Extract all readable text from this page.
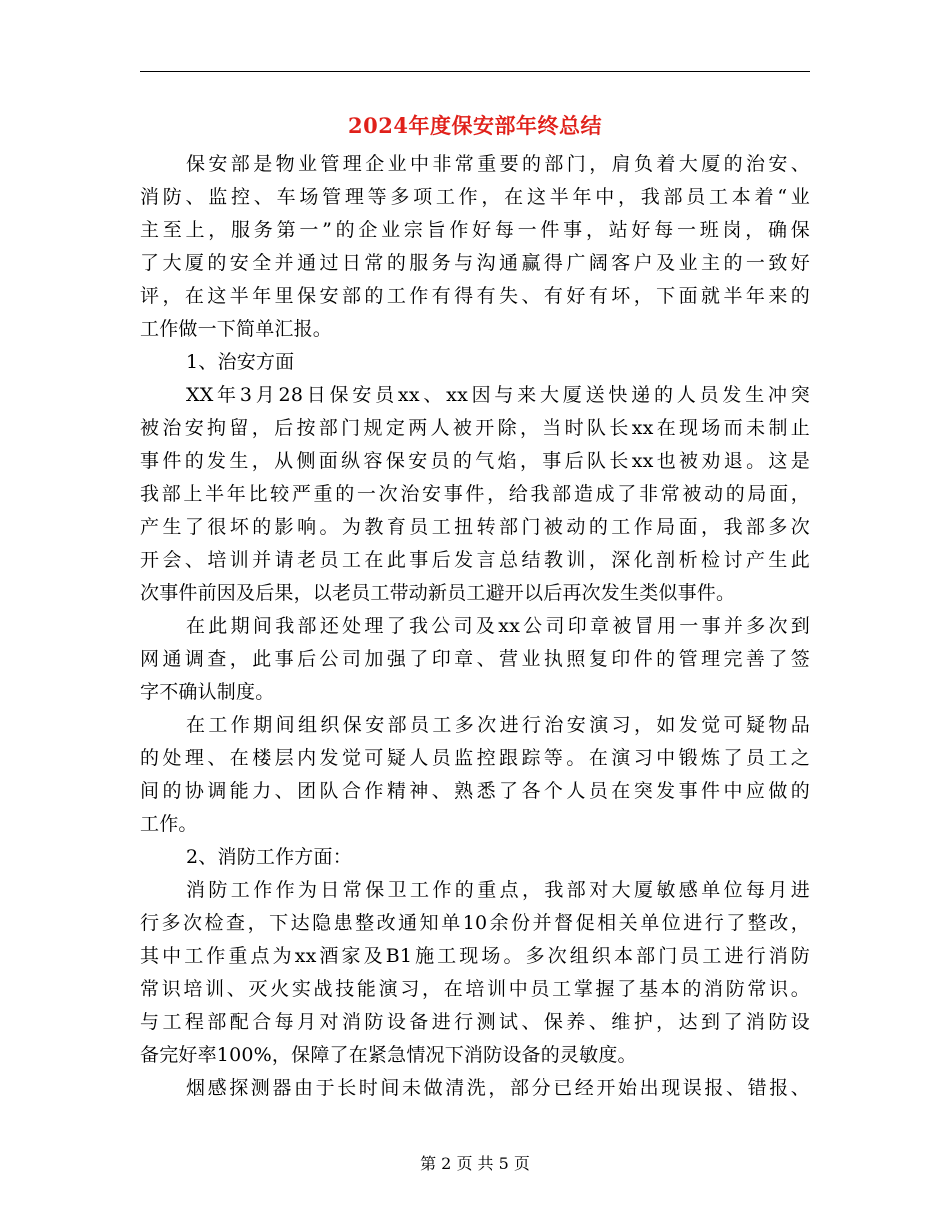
2024年度保安部年终总结
保安部是物业管理企业中非常重要的部门，肩负着大厦的治安、
消防、监控、车场管理等多项工作，在这半年中，我部员工本着“业
主至上，服务第一”的企业宗旨作好每一件事，站好每一班岗，确保
了大厦的安全并通过日常的服务与沟通赢得广阔客户及业主的一致好
评，在这半年里保安部的工作有得有失、有好有坏，下面就半年来的
工作做一下简单汇报。
1、治安方面
XX年3月28日保安员xx、xx因与来大厦送快递的人员发生冲突
被治安拘留，后按部门规定两人被开除，当时队长xx在现场而未制止
事件的发生，从侧面纵容保安员的气焰，事后队长xx也被劝退。这是
我部上半年比较严重的一次治安事件，给我部造成了非常被动的局面，
产生了很坏的影响。为教育员工扭转部门被动的工作局面，我部多次
开会、培训并请老员工在此事后发言总结教训，深化剖析检讨产生此
次事件前因及后果，以老员工带动新员工避开以后再次发生类似事件。
在此期间我部还处理了我公司及xx公司印章被冒用一事并多次到
网通调查，此事后公司加强了印章、营业执照复印件的管理完善了签
字不确认制度。
在工作期间组织保安部员工多次进行治安演习，如发觉可疑物品
的处理、在楼层内发觉可疑人员监控跟踪等。在演习中锻炼了员工之
间的协调能力、团队合作精神、熟悉了各个人员在突发事件中应做的
工作。
2、消防工作方面：
消防工作作为日常保卫工作的重点，我部对大厦敏感单位每月进
行多次检查，下达隐患整改通知单10余份并督促相关单位进行了整改，
其中工作重点为xx酒家及B1施工现场。多次组织本部门员工进行消防
常识培训、灭火实战技能演习，在培训中员工掌握了基本的消防常识。
与工程部配合每月对消防设备进行测试、保养、维护，达到了消防设
备完好率100%，保障了在紧急情况下消防设备的灵敏度。
烟感探测器由于长时间未做清洗，部分已经开始出现误报、错报、
第 2 页 共 5 页
